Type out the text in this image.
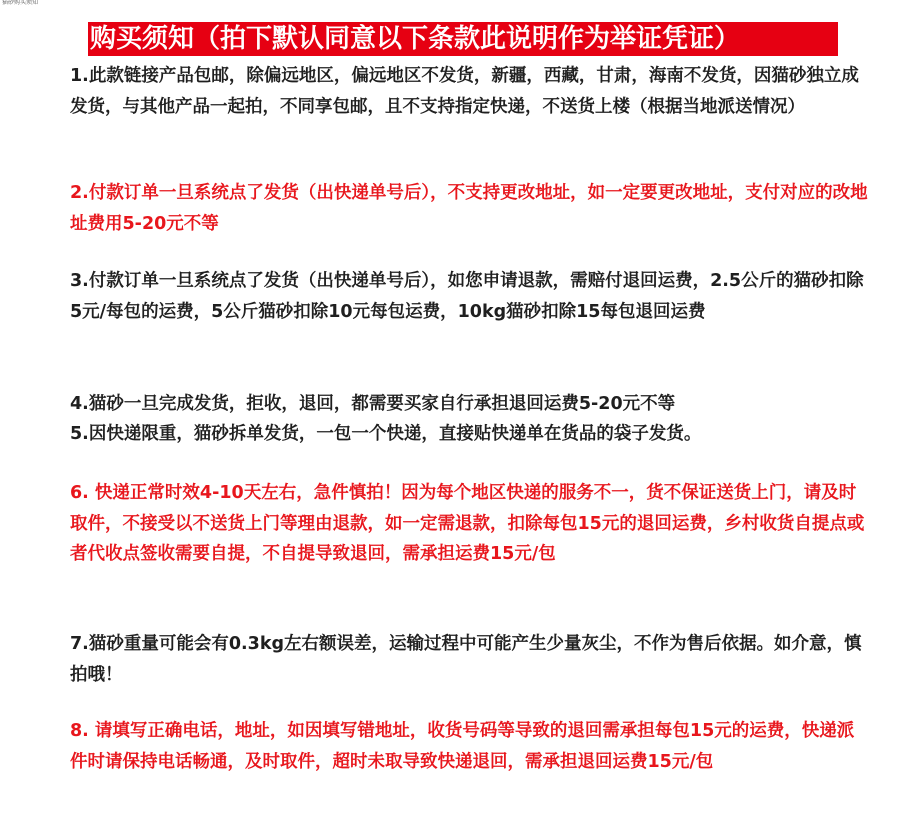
猫砂购买须知
购买须知（拍下默认同意以下条款此说明作为举证凭证）

1.此款链接产品包邮，除偏远地区，偏远地区不发货，新疆，西藏，甘肃，海南不发货，因猫砂独立成发货，与其他产品一起拍，不同享包邮，且不支持指定快递，不送货上楼（根据当地派送情况）

2.付款订单一旦系统点了发货（出快递单号后），不支持更改地址，如一定要更改地址，支付对应的改地址费用5-20元不等

3.付款订单一旦系统点了发货（出快递单号后），如您申请退款，需赔付退回运费，2.5公斤的猫砂扣除 5元/每包的运费，5公斤猫砂扣除10元每包运费，10kg猫砂扣除15每包退回运费

4.猫砂一旦完成发货，拒收，退回，都需要买家自行承担退回运费5-20元不等

5.因快递限重，猫砂拆单发货，一包一个快递，直接贴快递单在货品的袋子发货。

6. 快递正常时效4-10天左右，急件慎拍！因为每个地区快递的服务不一，货不保证送货上门，请及时取件，不接受以不送货上门等理由退款，如一定需退款，扣除每包15元的退回运费，乡村收货自提点或者代收点签收需要自提，不自提导致退回，需承担运费15元/包

7.猫砂重量可能会有0.3kg左右额误差，运输过程中可能产生少量灰尘，不作为售后依据。如介意，慎拍哦！

8. 请填写正确电话，地址，如因填写错地址，收货号码等导致的退回需承担每包15元的运费，快递派件时请保持电话畅通，及时取件，超时未取导致快递退回，需承担退回运费15元/包
